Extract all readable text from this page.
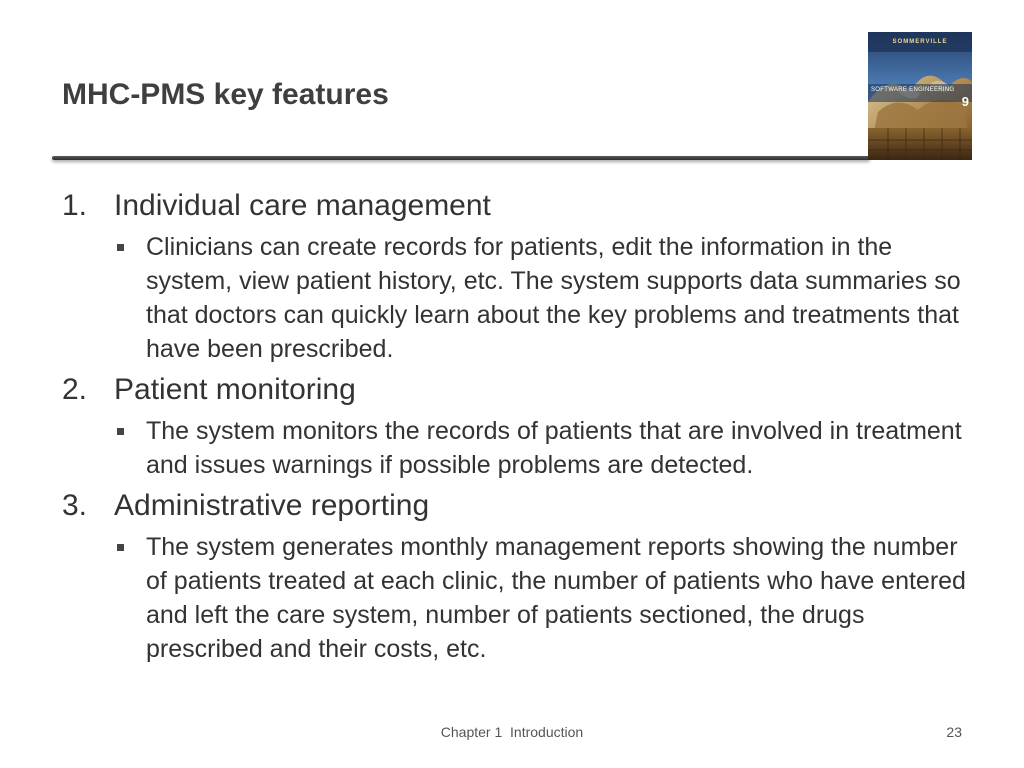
MHC-PMS key features
SOMMERVILLE
SOFTWARE ENGINEERING
9
1. Individual care management
Clinicians can create records for patients, edit the information in the system, view patient history, etc. The system supports data summaries so that doctors can quickly learn about the key problems and treatments that have been prescribed.
2. Patient monitoring
The system monitors the records of patients that are involved in treatment and issues warnings if possible problems are detected.
3. Administrative reporting
The system generates monthly management reports showing the number of patients treated at each clinic, the number of patients who have entered and left the care system, number of patients sectioned, the drugs prescribed and their costs, etc.
Chapter 1  Introduction	23
